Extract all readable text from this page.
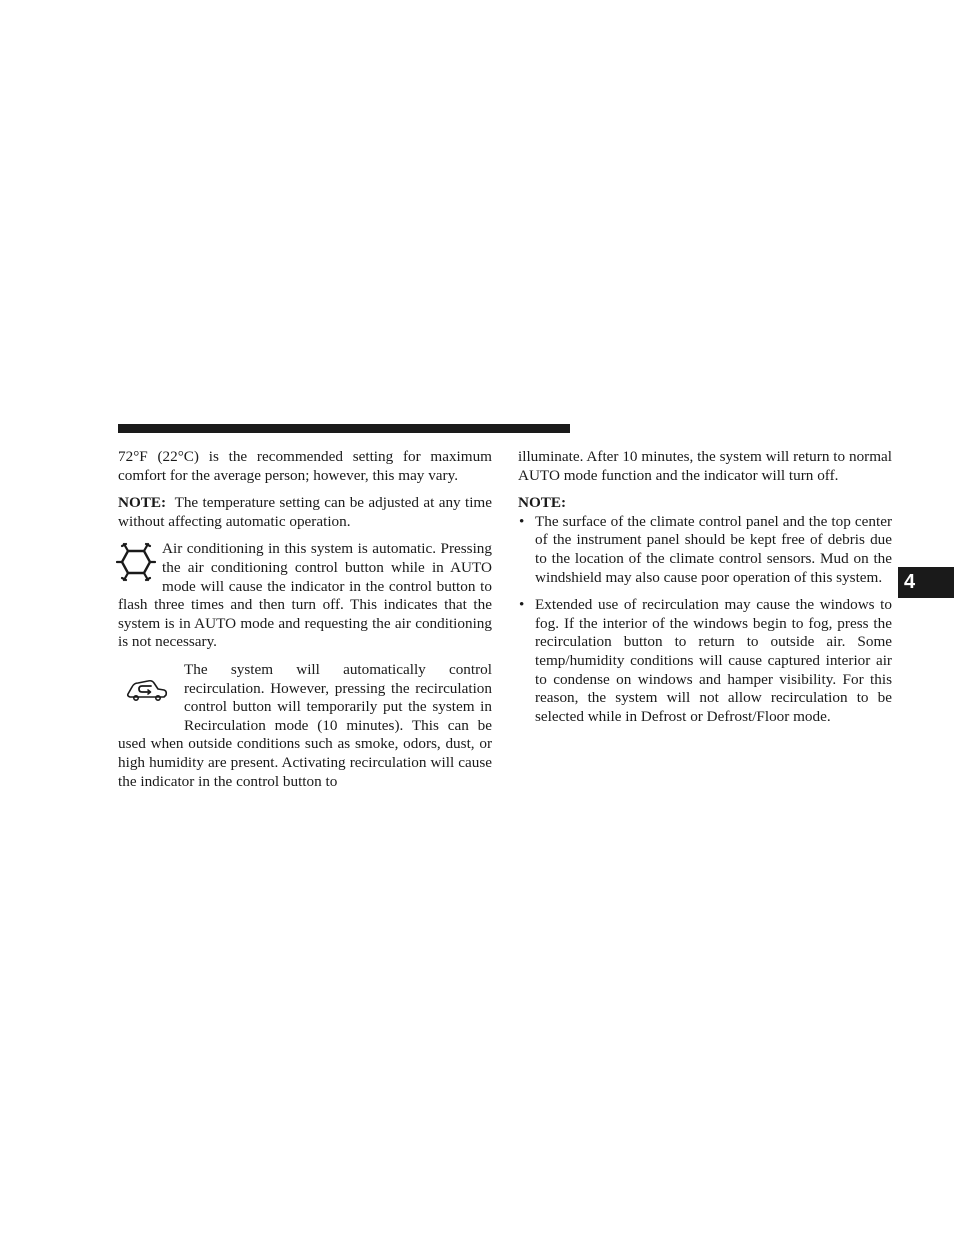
72°F (22°C) is the recommended setting for maximum comfort for the average person; however, this may vary.

NOTE: The temperature setting can be adjusted at any time without affecting automatic operation.

Air conditioning in this system is automatic. Pressing the air conditioning control button while in AUTO mode will cause the indicator in the control button to flash three times and then turn off. This indicates that the system is in AUTO mode and requesting the air conditioning is not necessary.

The system will automatically control recirculation. However, pressing the recirculation control button will temporarily put the system in Recirculation mode (10 minutes). This can be used when outside conditions such as smoke, odors, dust, or high humidity are present. Activating recirculation will cause the indicator in the control button to

illuminate. After 10 minutes, the system will return to normal AUTO mode function and the indicator will turn off.

NOTE:

• The surface of the climate control panel and the top center of the instrument panel should be kept free of debris due to the location of the climate control sensors. Mud on the windshield may also cause poor operation of this system.
• Extended use of recirculation may cause the windows to fog. If the interior of the windows begin to fog, press the recirculation button to return to outside air. Some temp/humidity conditions will cause captured interior air to condense on windows and hamper visibility. For this reason, the system will not allow recirculation to be selected while in Defrost or Defrost/Floor mode.
4
